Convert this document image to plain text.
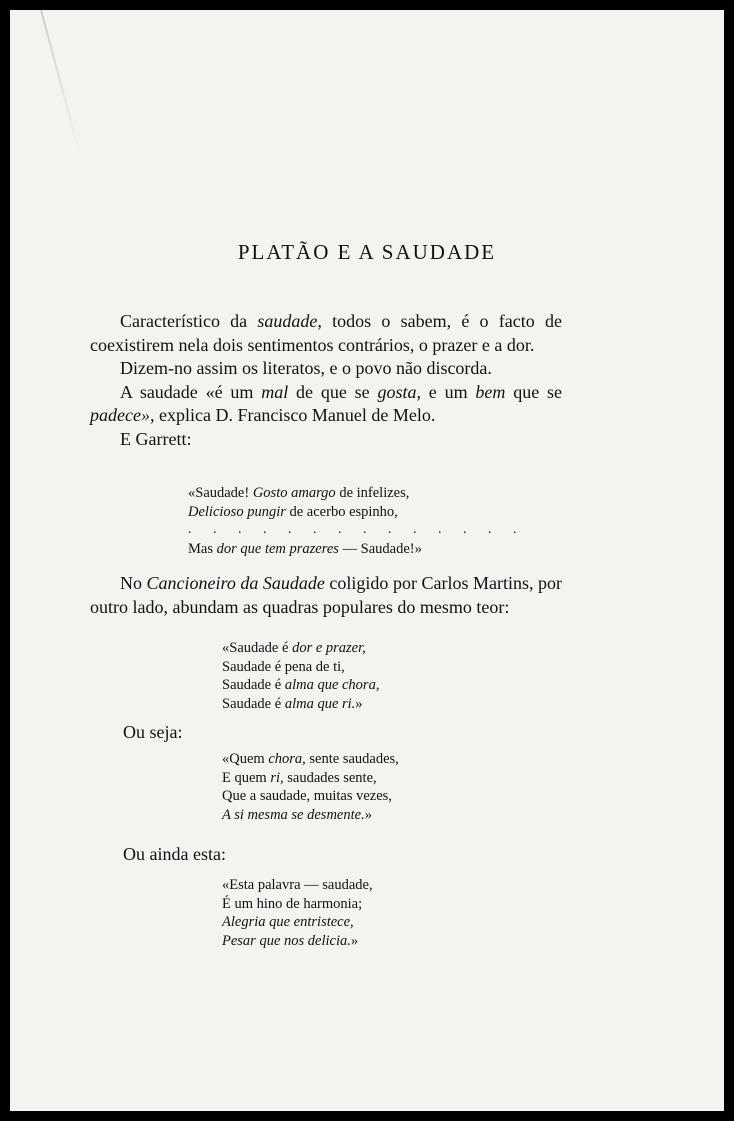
PLATÃO E A SAUDADE

Característico da saudade, todos o sabem, é o facto de coexistirem nela dois sentimentos contrários, o prazer e a dor.

Dizem-no assim os literatos, e o povo não discorda.

A saudade «é um mal de que se gosta, e um bem que se padece», explica D. Francisco Manuel de Melo.

E Garrett:

«Saudade! Gosto amargo de infelizes,
Delicioso pungir de acerbo espinho,
. . . . . . . . . . . . . .
Mas dor que tem prazeres — Saudade!»

No Cancioneiro da Saudade coligido por Carlos Martins, por outro lado, abundam as quadras populares do mesmo teor:

«Saudade é dor e prazer,
Saudade é pena de ti,
Saudade é alma que chora,
Saudade é alma que ri.»
Ou seja:
«Quem chora, sente saudades,
E quem ri, saudades sente,
Que a saudade, muitas vezes,
A si mesma se desmente.»
Ou ainda esta:
«Esta palavra — saudade,
É um hino de harmonia;
Alegria que entristece,
Pesar que nos delicia.»
